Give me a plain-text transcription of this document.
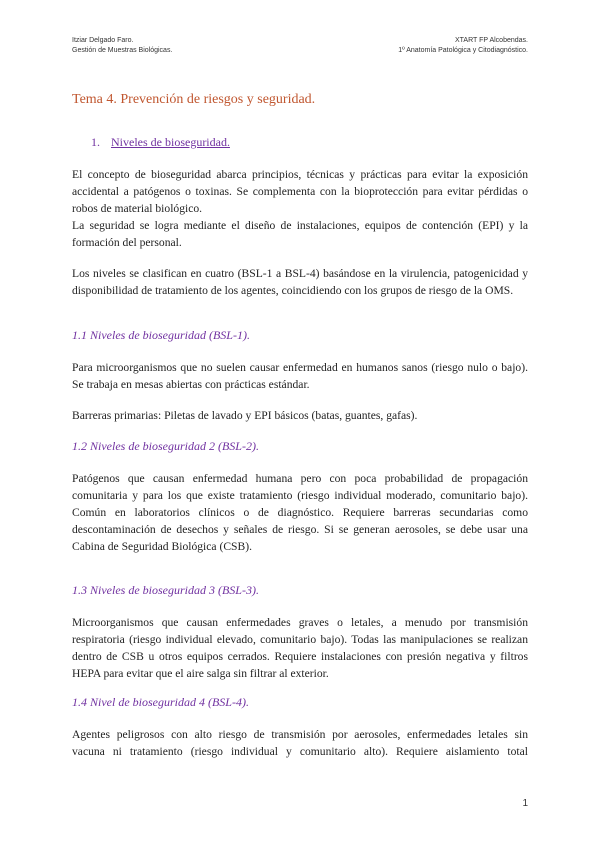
Itziar Delgado Faro.
Gestión de Muestras Biológicas.
XTART FP Alcobendas.
1º Anatomía Patológica y Citodiagnóstico.
Tema 4. Prevención de riesgos y seguridad.
1. Niveles de bioseguridad.
El concepto de bioseguridad abarca principios, técnicas y prácticas para evitar la exposición accidental a patógenos o toxinas. Se complementa con la bioprotección para evitar pérdidas o robos de material biológico.
La seguridad se logra mediante el diseño de instalaciones, equipos de contención (EPI) y la
formación del personal.
Los niveles se clasifican en cuatro (BSL-1 a BSL-4) basándose en la virulencia, patogenicidad y disponibilidad de tratamiento de los agentes, coincidiendo con los grupos de riesgo de la OMS.
1.1 Niveles de bioseguridad (BSL-1).
Para microorganismos que no suelen causar enfermedad en humanos sanos (riesgo nulo o bajo). Se trabaja en mesas abiertas con prácticas estándar.
Barreras primarias: Piletas de lavado y EPI básicos (batas, guantes, gafas).
1.2 Niveles de bioseguridad 2 (BSL-2).
Patógenos que causan enfermedad humana pero con poca probabilidad de propagación comunitaria y para los que existe tratamiento (riesgo individual moderado, comunitario bajo). Común en laboratorios clínicos o de diagnóstico. Requiere barreras secundarias como descontaminación de desechos y señales de riesgo. Si se generan aerosoles, se debe usar una Cabina de Seguridad Biológica (CSB).
1.3 Niveles de bioseguridad 3 (BSL-3).
Microorganismos que causan enfermedades graves o letales, a menudo por transmisión respiratoria (riesgo individual elevado, comunitario bajo). Todas las manipulaciones se realizan dentro de CSB u otros equipos cerrados. Requiere instalaciones con presión negativa y filtros HEPA para evitar que el aire salga sin filtrar al exterior.
1.4 Nivel de bioseguridad 4 (BSL-4).
Agentes peligrosos con alto riesgo de transmisión por aerosoles, enfermedades letales sin
vacuna ni tratamiento (riesgo individual y comunitario alto). Requiere aislamiento total
1
